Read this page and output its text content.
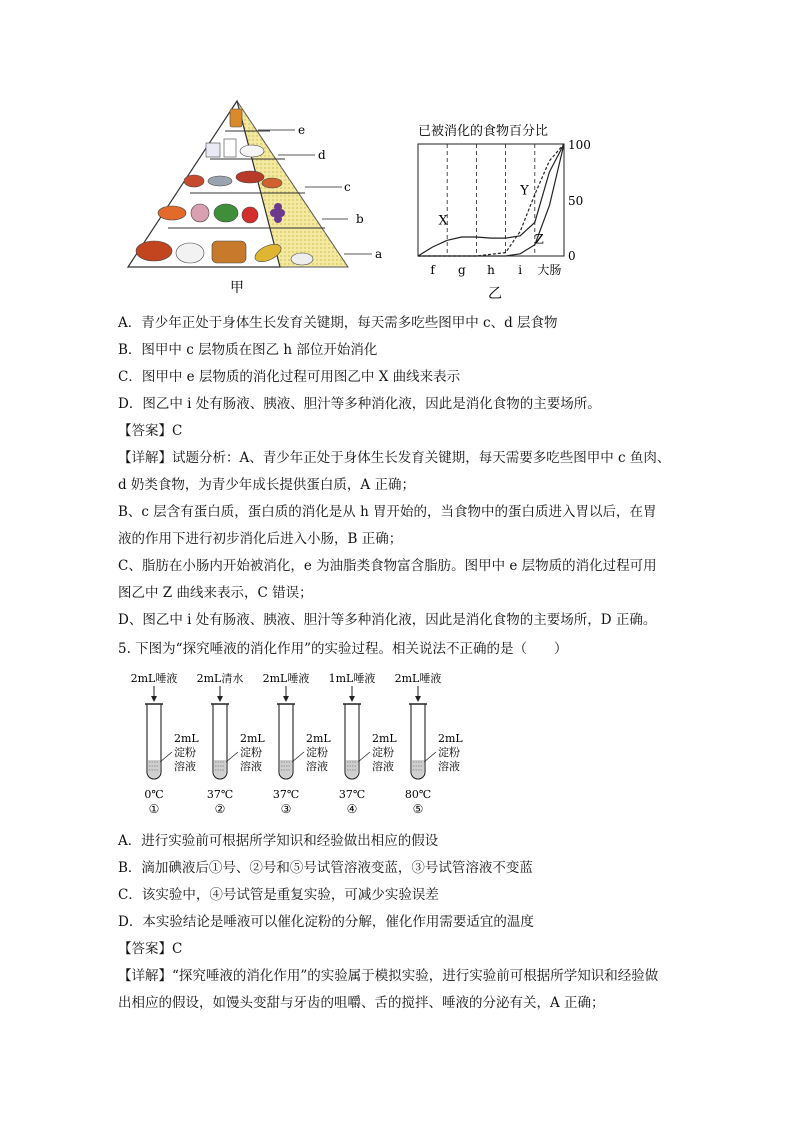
e
d
c
b
a
甲
已被消化的食物百分比
X
Y
Z
f g h i 大肠
100
50
0
乙
A．青少年正处于身体生长发育关键期，每天需多吃些图甲中 c、d 层食物
B．图甲中 c 层物质在图乙 h 部位开始消化
C．图甲中 e 层物质的消化过程可用图乙中 X 曲线来表示
D．图乙中 i 处有肠液、胰液、胆汁等多种消化液，因此是消化食物的主要场所。
【答案】C
【详解】试题分析：A、青少年正处于身体生长发育关键期，每天需要多吃些图甲中 c 鱼肉、
d 奶类食物，为青少年成长提供蛋白质，A 正确；
B、c 层含有蛋白质，蛋白质的消化是从 h 胃开始的，当食物中的蛋白质进入胃以后，在胃
液的作用下进行初步消化后进入小肠，B 正确；
C、脂肪在小肠内开始被消化，e 为油脂类食物富含脂肪。图甲中 e 层物质的消化过程可用
图乙中 Z 曲线来表示，C 错误；
D、图乙中 i 处有肠液、胰液、胆汁等多种消化液，因此是消化食物的主要场所，D 正确。
5. 下图为“探究唾液的消化作用”的实验过程。相关说法不正确的是（　　）
2mL唾液
2mL
淀粉
溶液
0℃
①
2mL清水
2mL
淀粉
溶液
37℃
②
2mL唾液
2mL
淀粉
溶液
37℃
③
1mL唾液
2mL
淀粉
溶液
37℃
④
2mL唾液
2mL
淀粉
溶液
80℃
⑤
A．进行实验前可根据所学知识和经验做出相应的假设
B．滴加碘液后①号、②号和⑤号试管溶液变蓝，③号试管溶液不变蓝
C．该实验中，④号试管是重复实验，可减少实验误差
D．本实验结论是唾液可以催化淀粉的分解，催化作用需要适宜的温度
【答案】C
【详解】“探究唾液的消化作用”的实验属于模拟实验，进行实验前可根据所学知识和经验做
出相应的假设，如馒头变甜与牙齿的咀嚼、舌的搅拌、唾液的分泌有关，A 正确；
